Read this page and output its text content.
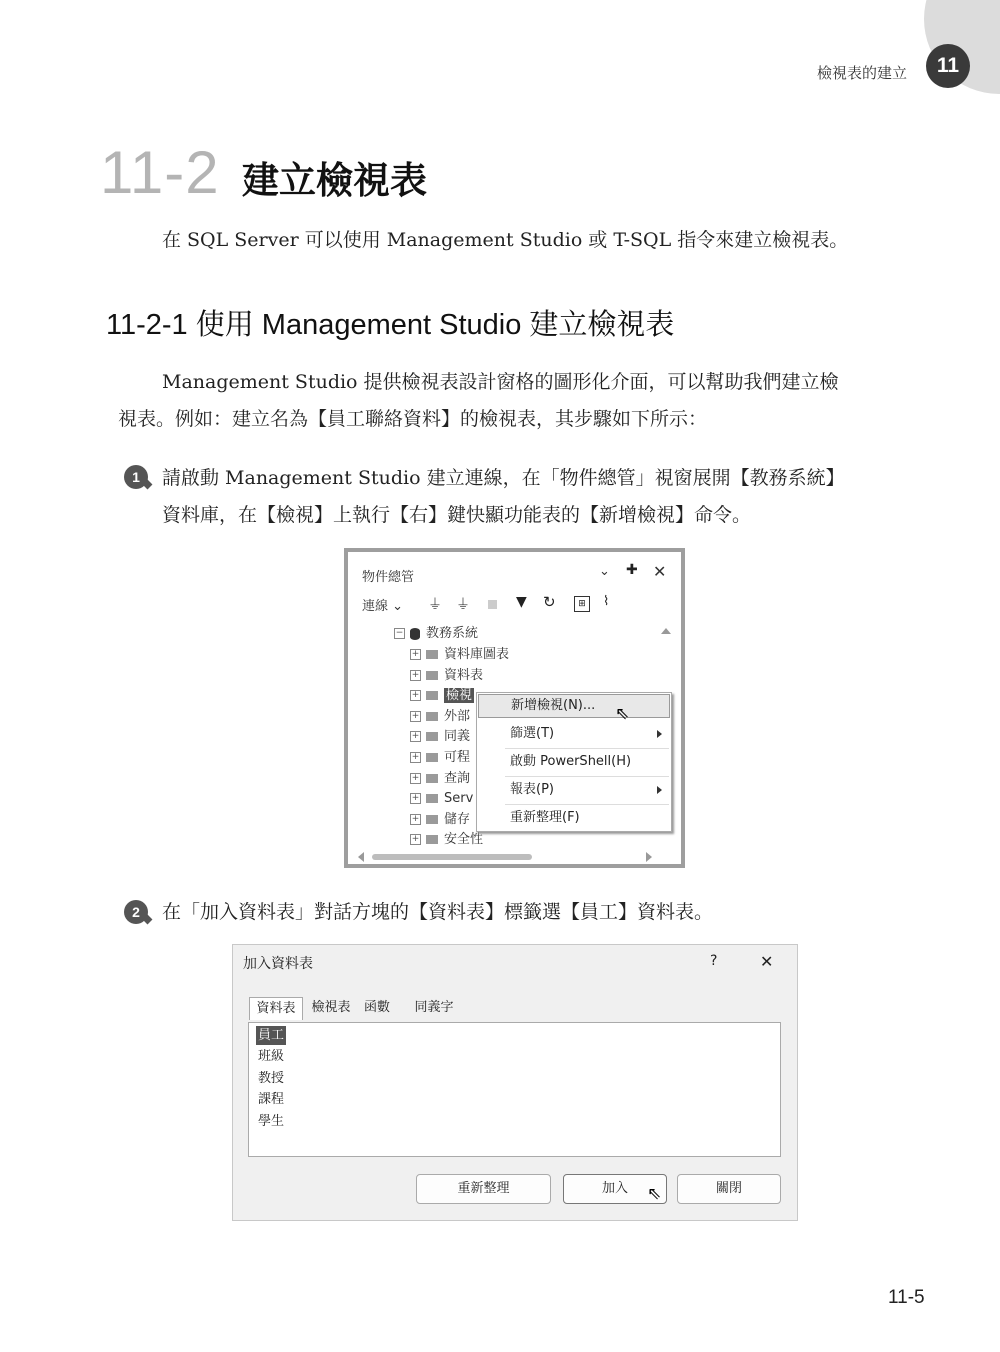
檢視表的建立	11
11-2 建立檢視表
在 SQL Server 可以使用 Management Studio 或 T-SQL 指令來建立檢視表。
11-2-1 使用 Management Studio 建立檢視表
Management Studio 提供檢視表設計窗格的圖形化介面，可以幫助我們建立檢
視表。例如：建立名為【員工聯絡資料】的檢視表，其步驟如下所示：
1	請啟動 Management Studio 建立連線，在「物件總管」視窗展開【教務系統】
資料庫，在【檢視】上執行【右】鍵快顯功能表的【新增檢視】命令。
物件總管	⌄ ✚ ✕
連線 ⌄ ⏚ ⏚	▼ ↻	⊞	⌇
− 教務系統
+ 資料庫圖表
+ 資料表
+ 檢視
+ 外部
+ 同義
+ 可程
+ 查詢
+ Serv
+ 儲存
+ 安全性
新增檢視(N)...
篩選(T)
啟動 PowerShell(H)
報表(P)
重新整理(F)
⇖
2	在「加入資料表」對話方塊的【資料表】標籤選【員工】資料表。
加入資料表	?	✕
資料表	檢視表	函數	同義字
員工
班級
教授
課程
學生
重新整理	加入	關閉
⇖
11-5
